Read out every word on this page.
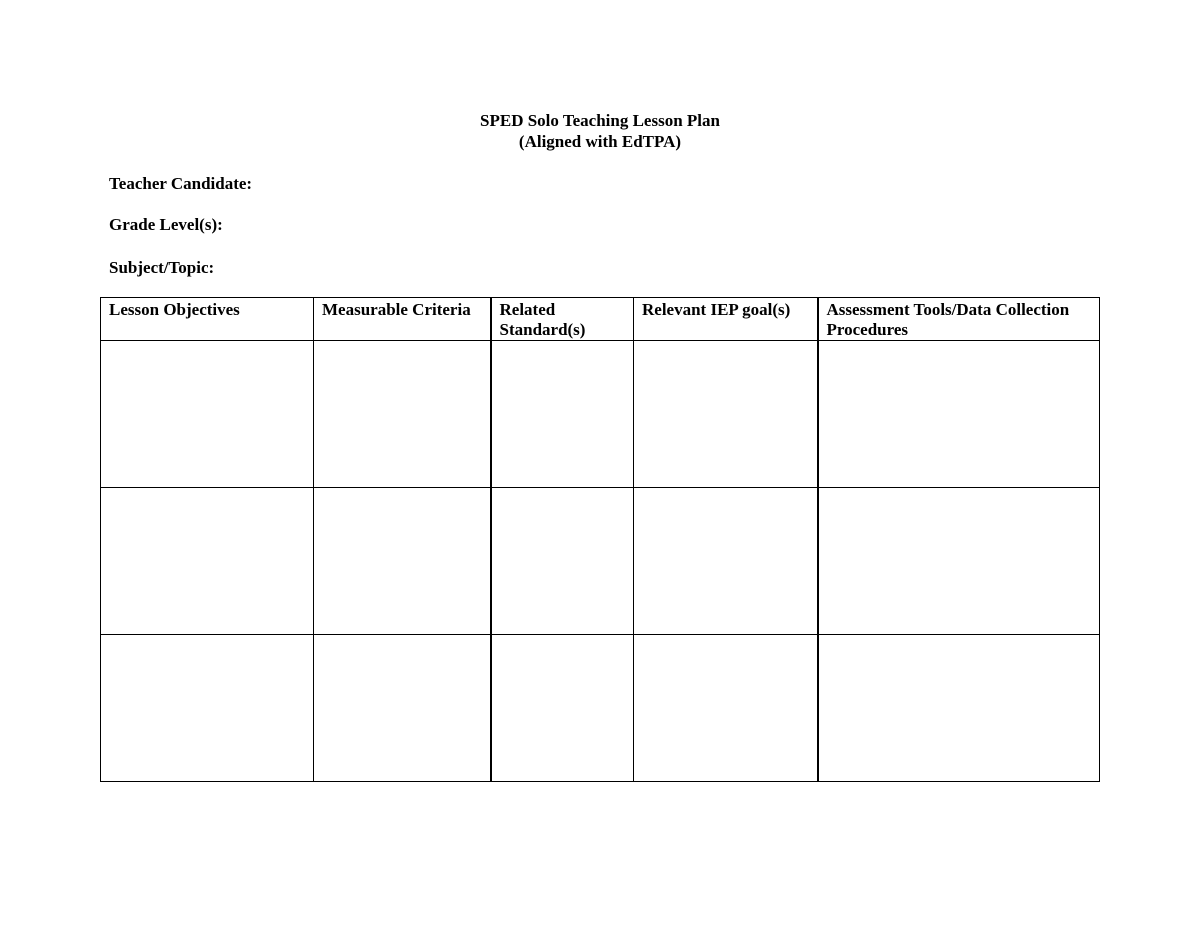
SPED Solo Teaching Lesson Plan
(Aligned with EdTPA)
Teacher Candidate:
Grade Level(s):
Subject/Topic:
Lesson Objectives	Measurable Criteria	Related Standard(s)	Relevant IEP goal(s)	Assessment Tools/Data Collection Procedures
